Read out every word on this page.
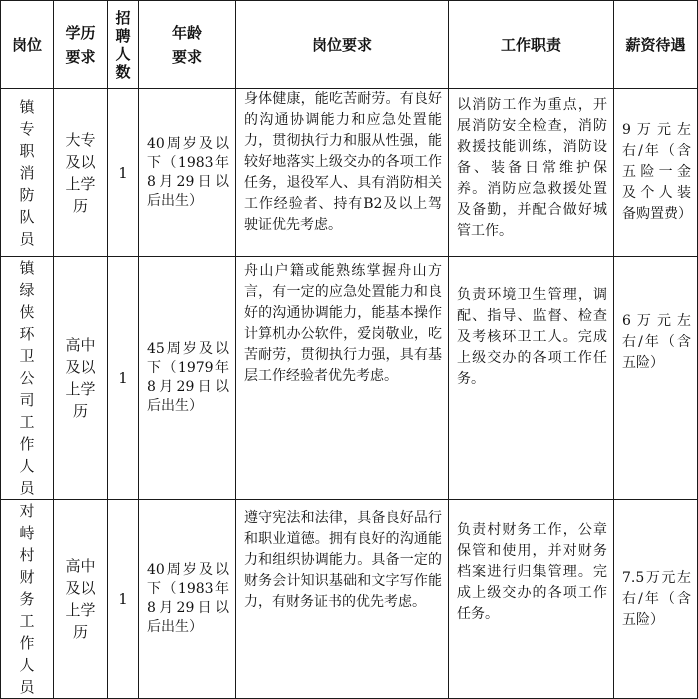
岗位	学历要求	招聘人数	年龄要求	岗位要求	工作职责	薪资待遇
镇专职消防队员	大专及以上学历	1	40周岁及以下（1983年8月29日以后出生）	身体健康，能吃苦耐劳。有良好的沟通协调能力和应急处置能力，贯彻执行力和服从性强，能较好地落实上级交办的各项工作任务，退役军人、具有消防相关工作经验者、持有B2及以上驾驶证优先考虑。	以消防工作为重点，开展消防安全检查，消防救援技能训练，消防设备、装备日常维护保养。消防应急救援处置及备勤，并配合做好城管工作。	9万元左右/年（含五险一金及个人装备购置费）
镇绿侠环卫公司工作人员	高中及以上学历	1	45周岁及以下（1979年8月29日以后出生）	舟山户籍或能熟练掌握舟山方言，有一定的应急处置能力和良好的沟通协调能力，能基本操作计算机办公软件，爱岗敬业，吃苦耐劳，贯彻执行力强，具有基层工作经验者优先考虑。	负责环境卫生管理，调配、指导、监督、检查及考核环卫工人。完成上级交办的各项工作任务。	6万元左右/年（含五险）
对峙村财务工作人员	高中及以上学历	1	40周岁及以下（1983年8月29日以后出生）	遵守宪法和法律，具备良好品行和职业道德。拥有良好的沟通能力和组织协调能力。具备一定的财务会计知识基础和文字写作能力，有财务证书的优先考虑。	负责村财务工作，公章保管和使用，并对财务档案进行归集管理。完成上级交办的各项工作任务。	7.5万元左右/年（含五险）
